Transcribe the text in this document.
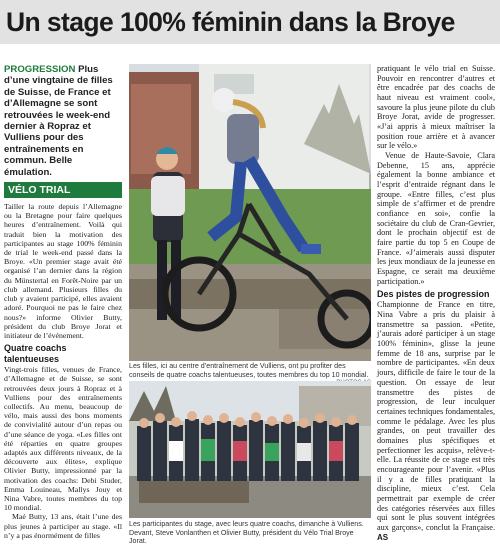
Un stage 100% féminin dans la Broye

PROGRESSION Plus d’une vingtaine de filles de Suisse, de France et d’Allemagne se sont retrouvées le week-end dernier à Ropraz et Vulliens pour des entraînements en commun. Belle émulation.

VÉLO TRIAL

Tailler la route depuis l’Allemagne ou la Bretagne pour faire quelques heures d’entraînement. Voilà qui traduit bien la motivation des participantes au stage 100% féminin de trial le week-end passé dans la Broye. «Un premier stage avait été organisé l’an dernier dans la région du Münstertal en Forêt-Noire par un club allemand. Plusieurs filles du club y avaient participé, elles avaient adoré. Pourquoi ne pas le faire chez nous?» informe Olivier Butty, président du club Broye Jorat et initiateur de l’événement.

Quatre coachs talentueuses

Vingt-trois filles, venues de France, d’Allemagne et de Suisse, se sont retrouvées deux jours à Ropraz et à Vulliens pour des entraînements collectifs. Au menu, beaucoup de vélo, mais aussi des bons moments de convivialité autour d’un repas ou d’une séance de yoga. «Les filles ont été réparties en quatre groupes adaptés aux différents niveaux, de la découverte aux élites», explique Olivier Butty, impressionné par la motivation des coachs: Debi Studer, Emma Louineau, Mallys Jouy et Nina Vabre, toutes membres du top 10 mondial.

Maé Butty, 13 ans, était l’une des plus jeunes à participer au stage. «Il n’y a pas énormément de filles

Les filles, ici au centre d’entraînement de Vulliens, ont pu profiter des conseils de quatre coachs talentueuses, toutes membres du top 10 mondial.
Les participantes du stage, avec leurs quatre coachs, dimanche à Vulliens. Devant, Steve Vonlanthen et Olivier Butty, président du Vélo Trial Broye Jorat.

pratiquant le vélo trial en Suisse. Pouvoir en rencontrer d’autres et être encadrée par des coachs de haut niveau est vraiment cool», savoure la plus jeune pilote du club Broye Jorat, avide de progresser. «J’ai appris à mieux maîtriser la position roue arrière et à avancer sur le vélo.»

Venue de Haute-Savoie, Clara Debenne, 15 ans, apprécie également la bonne ambiance et l’esprit d’entraide régnant dans le groupe. «Entre filles, c’est plus simple de s’affirmer et de prendre confiance en soi», confie la sociétaire du club de Cran-Gevrier, dont le prochain objectif est de faire partie du top 5 en Coupe de France. «J’aimerais aussi disputer les jeux mondiaux de la jeunesse en Espagne, ce serait ma deuxième participation.»

Des pistes de progression

Championne de France en titre, Nina Vabre a pris du plaisir à transmettre sa passion. «Petite, j’aurais adoré participer à un stage 100% féminin», glisse la jeune femme de 18 ans, surprise par le nombre de participantes. «En deux jours, difficile de faire le tour de la question. On essaye de leur transmettre des pistes de progression, de leur inculquer certaines techniques fondamentales, comme le pédalage. Avec les plus grandes, on peut travailler des domaines plus spécifiques et perfectionner les acquis», relève-t-elle. La réussite de ce stage est très encourageante pour l’avenir. «Plus il y a de filles pratiquant la discipline, mieux c’est. Cela permettrait par exemple de créer des catégories réservées aux filles qui sont le plus souvent intégrées aux garçons», conclut la Française. AS
